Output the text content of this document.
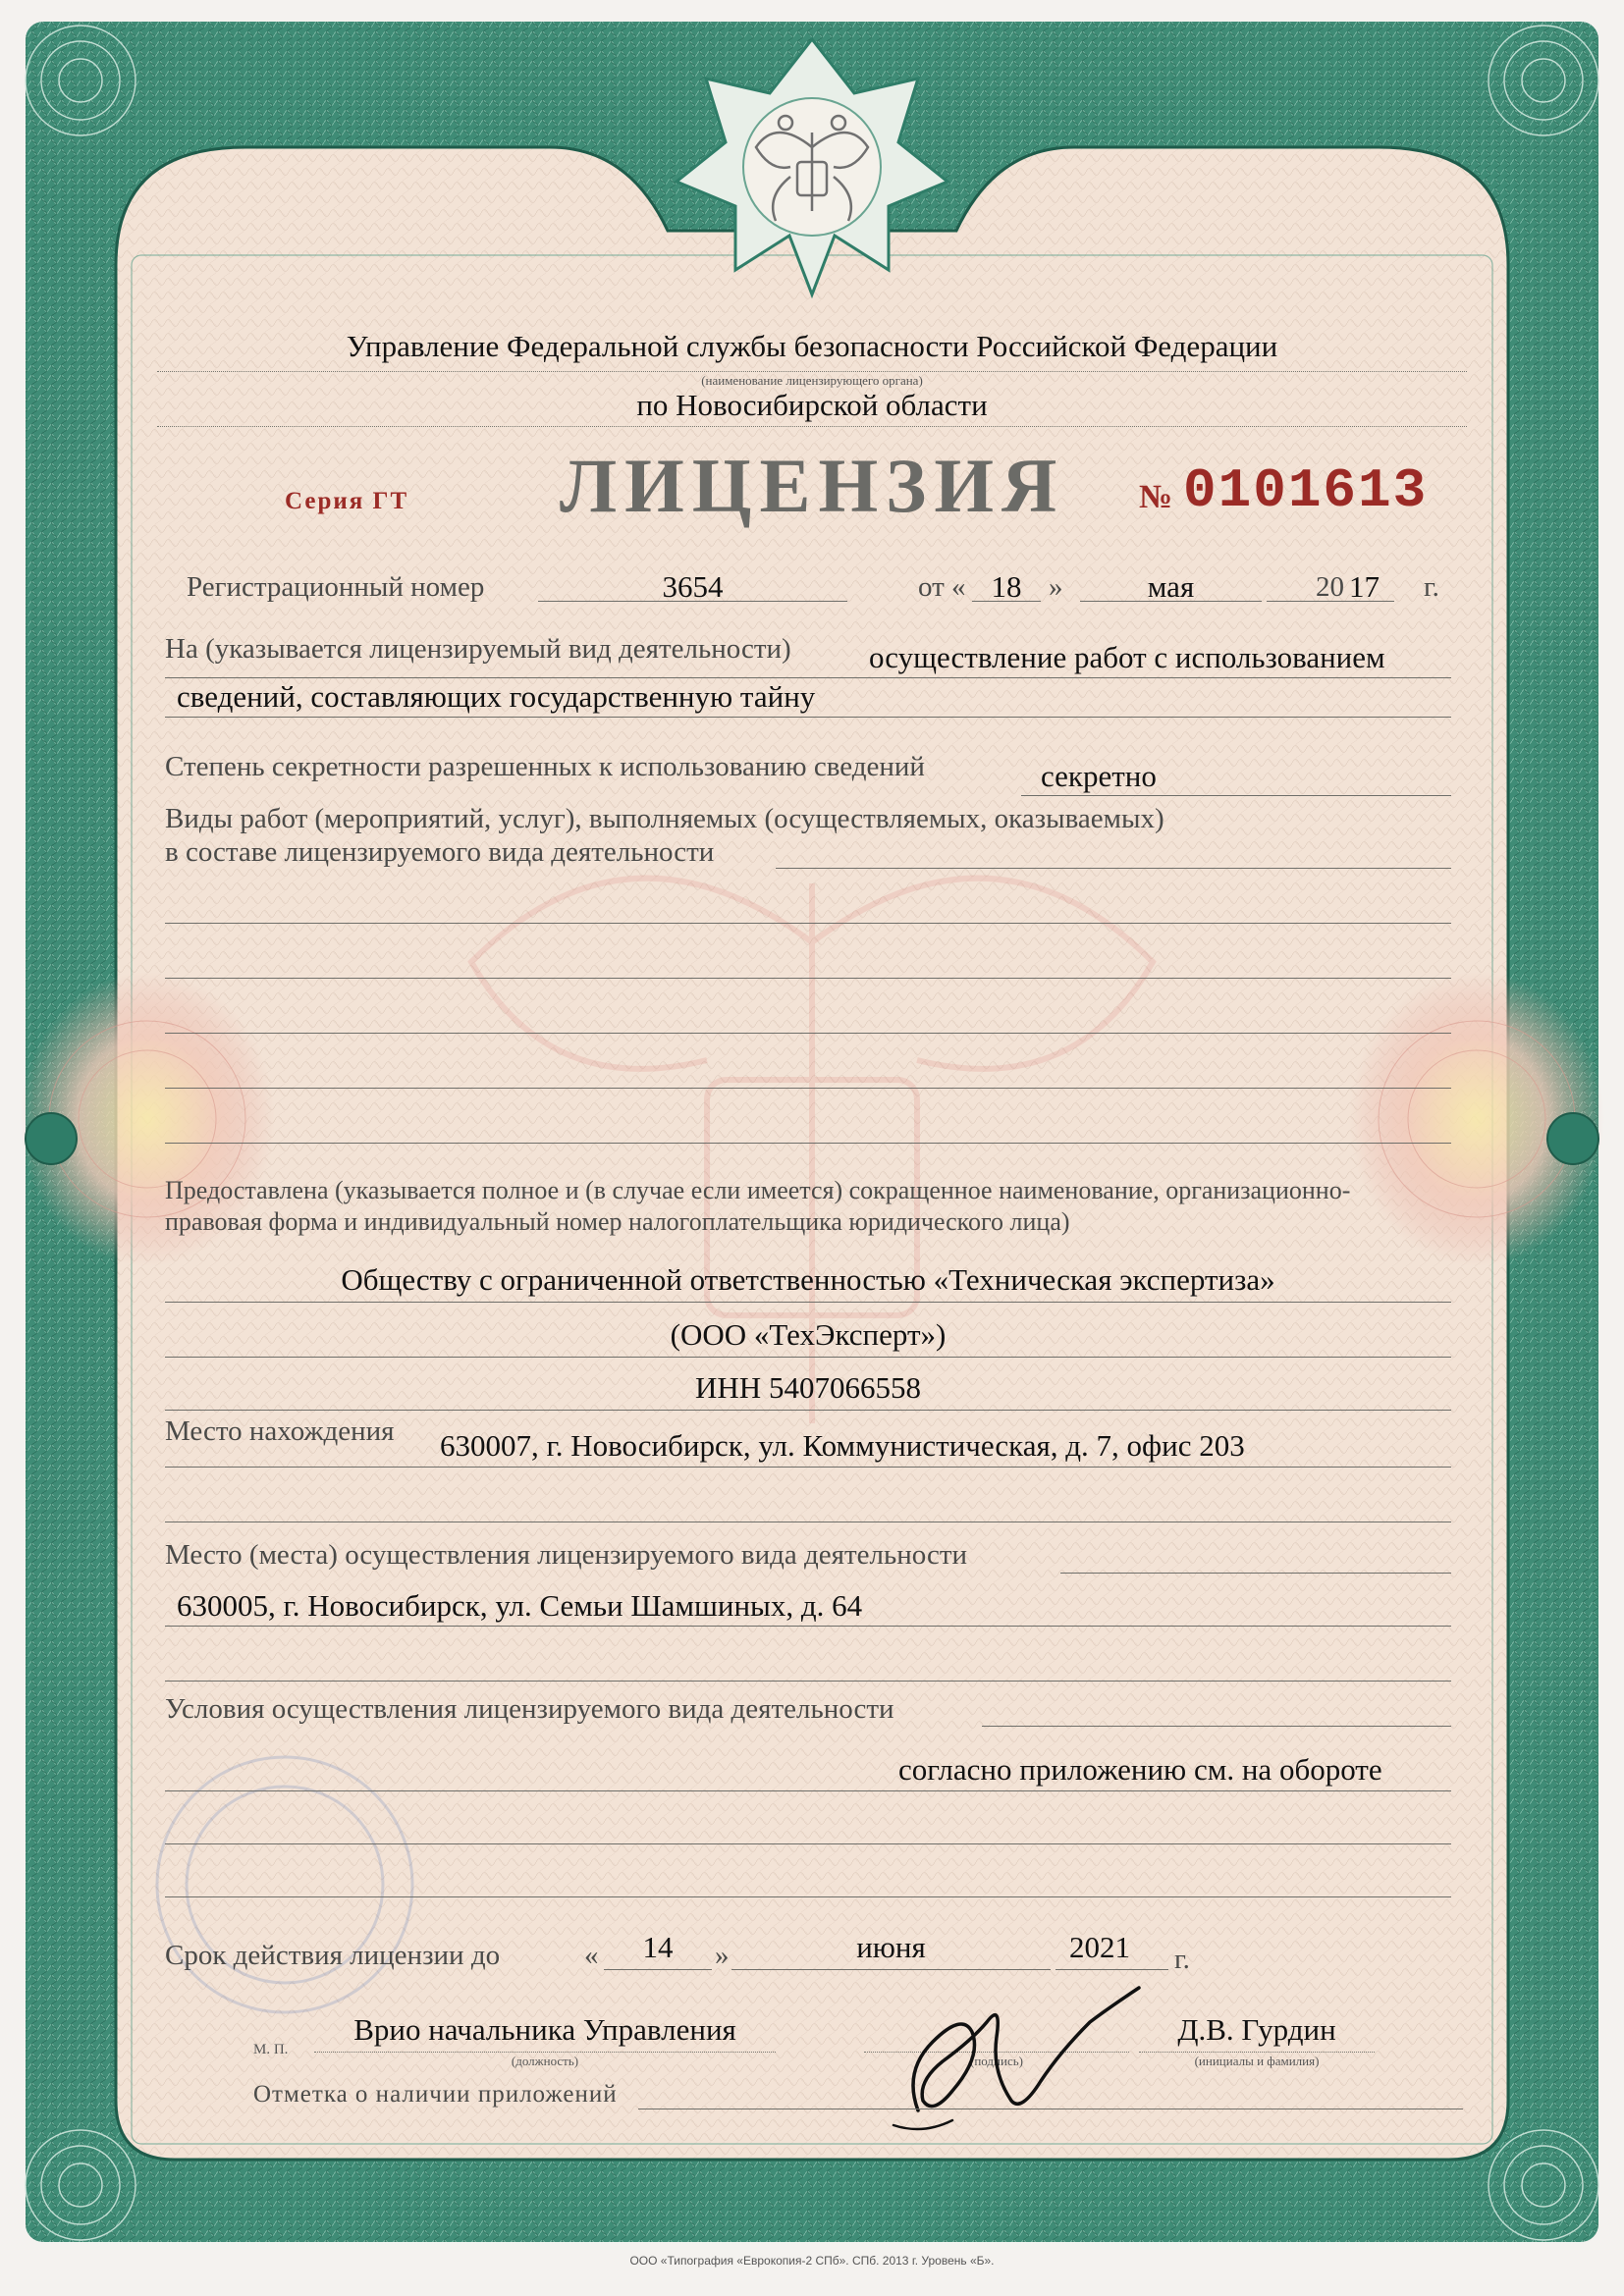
Управление Федеральной службы безопасности Российской Федерации
(наименование лицензирующего органа)
по Новосибирской области
Серия ГТ ЛИЦЕНЗИЯ № 0101613
Регистрационный номер	3654	от « 18 »	мая	20 17 г.
На (указывается лицензируемый вид деятельности)	осуществление работ с использованием
сведений, составляющих государственную тайну
Степень секретности разрешенных к использованию сведений	секретно
Виды работ (мероприятий, услуг), выполняемых (осуществляемых, оказываемых)
в составе лицензируемого вида деятельности
Предоставлена (указывается полное и (в случае если имеется) сокращенное наименование, организационно-
правовая форма и индивидуальный номер налогоплательщика юридического лица)
Обществу с ограниченной ответственностью «Техническая экспертиза»
(ООО «ТехЭксперт»)
ИНН 5407066558
Место нахождения 630007, г. Новосибирск, ул. Коммунистическая, д. 7, офис 203
Место (места) осуществления лицензируемого вида деятельности
630005, г. Новосибирск, ул. Семьи Шамшиных, д. 64
Условия осуществления лицензируемого вида деятельности
согласно приложению см. на обороте
Срок действия лицензии до	«	14	»	июня	2021	г.
М. П.
Врио начальника Управления
(должность)	(подпись)
Д.В. Гурдин
(инициалы и фамилия)
Отметка о наличии приложений
ООО «Типография «Еврокопия-2 СПб». СПб. 2013 г. Уровень «Б».
